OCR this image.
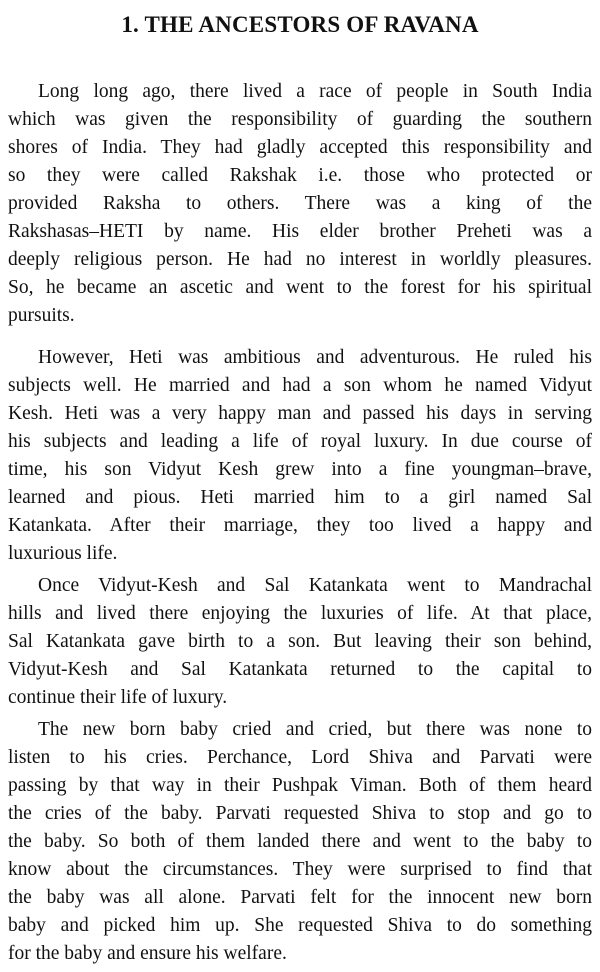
1. THE ANCESTORS OF RAVANA
Long long ago, there lived a race of people in South India
which was given the responsibility of guarding the southern
shores of India. They had gladly accepted this responsibility and
so they were called Rakshak i.e. those who protected or
provided Raksha to others. There was a king of the
Rakshasas–HETI by name. His elder brother Preheti was a
deeply religious person. He had no interest in worldly pleasures.
So, he became an ascetic and went to the forest for his spiritual
pursuits.
However, Heti was ambitious and adventurous. He ruled his
subjects well. He married and had a son whom he named Vidyut
Kesh. Heti was a very happy man and passed his days in serving
his subjects and leading a life of royal luxury. In due course of
time, his son Vidyut Kesh grew into a fine youngman–brave,
learned and pious. Heti married him to a girl named Sal
Katankata. After their marriage, they too lived a happy and
luxurious life.
Once Vidyut-Kesh and Sal Katankata went to Mandrachal
hills and lived there enjoying the luxuries of life. At that place,
Sal Katankata gave birth to a son. But leaving their son behind,
Vidyut-Kesh and Sal Katankata returned to the capital to
continue their life of luxury.
The new born baby cried and cried, but there was none to
listen to his cries. Perchance, Lord Shiva and Parvati were
passing by that way in their Pushpak Viman. Both of them heard
the cries of the baby. Parvati requested Shiva to stop and go to
the baby. So both of them landed there and went to the baby to
know about the circumstances. They were surprised to find that
the baby was all alone. Parvati felt for the innocent new born
baby and picked him up. She requested Shiva to do something
for the baby and ensure his welfare.
